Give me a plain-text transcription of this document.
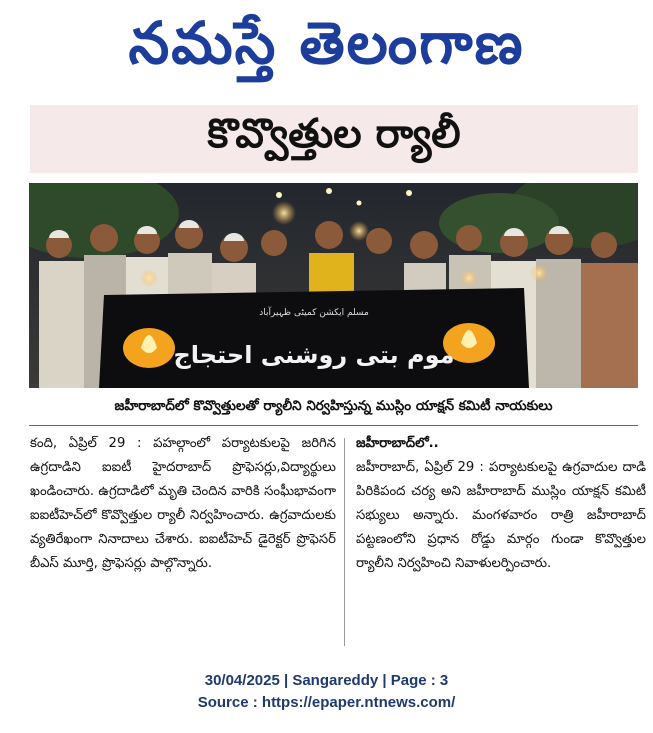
నమస్తే తెలంగాణ
కొవ్వొత్తుల ర్యాలీ
مسلم ایکشن کمیٹی ظہیرآباد
موم بتی روشنی احتجاج
జహీరాబాద్‌లో కొవ్వొత్తులతో ర్యాలీని నిర్వహిస్తున్న ముస్లిం యాక్షన్ కమిటీ నాయకులు
కంది, ఏప్రిల్ 29 : పహల్గాంలో పర్యాటకులపై జరిగిన ఉగ్రదాడిని ఐఐటీ హైదరాబాద్ ప్రొఫెసర్లు,విద్యార్థులు ఖండించారు. ఉగ్రదాడిలో మృతి చెందిన వారికి సంఘీభావంగా ఐఐటీహెచ్‌లో కొవ్వొత్తుల ర్యాలీ నిర్వహించారు. ఉగ్రవాదులకు వ్యతిరేఖంగా నినాదాలు చేశారు. ఐఐటీహెచ్ డైరెక్టర్ ప్రొఫెసర్ బీఎస్ మూర్తి, ప్రొఫెసర్లు పాల్గొన్నారు.
జహీరాబాద్‌లో..
జహీరాబాద్, ఏప్రిల్ 29 : పర్యాటకులపై ఉగ్రవాదుల దాడి పిరికిపంద చర్య అని జహీరాబాద్ ముస్లిం యాక్షన్ కమిటీ సభ్యులు అన్నారు. మంగళవారం రాత్రి జహీరాబాద్ పట్టణంలోని ప్రధాన రోడ్డు మార్గం గుండా కొవ్వొత్తుల ర్యాలీని నిర్వహించి నివాళులర్పించారు.
30/04/2025 | Sangareddy | Page : 3
Source : https://epaper.ntnews.com/
